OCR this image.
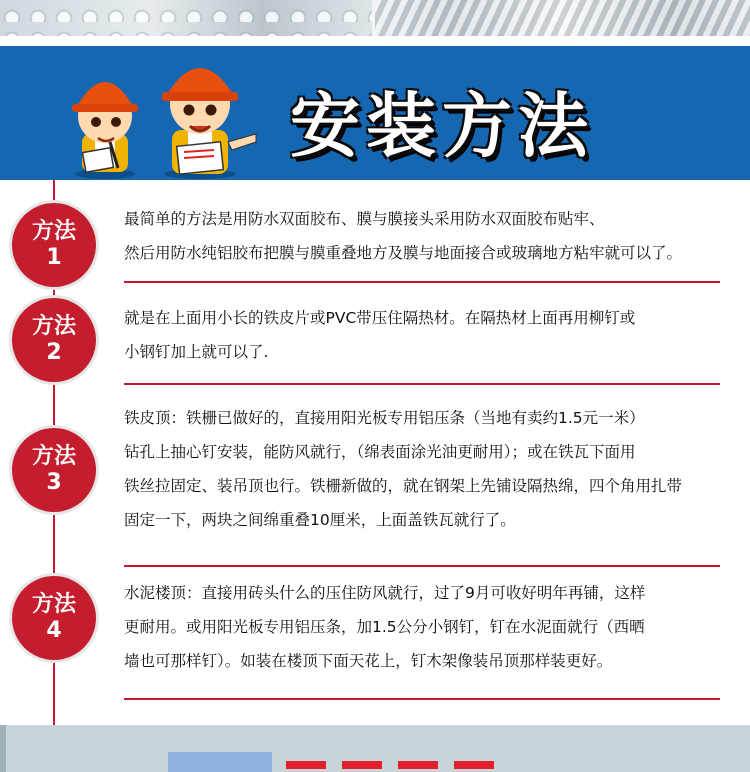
安装方法
方法
1

最简单的方法是用防水双面胶布、膜与膜接头采用防水双面胶布贴牢、

然后用防水纯铝胶布把膜与膜重叠地方及膜与地面接合或玻璃地方粘牢就可以了。

方法
2

就是在上面用小长的铁皮片或PVC带压住隔热材。在隔热材上面再用柳钉或

小钢钉加上就可以了.

方法
3

铁皮顶：铁栅已做好的，直接用阳光板专用铝压条（当地有卖约1.5元一米）

钻孔上抽心钉安装，能防风就行，（绵表面涂光油更耐用）；或在铁瓦下面用

铁丝拉固定、装吊顶也行。铁栅新做的，就在钢架上先铺设隔热绵，四个角用扎带

固定一下，两块之间绵重叠10厘米，上面盖铁瓦就行了。

方法
4

水泥楼顶：直接用砖头什么的压住防风就行，过了9月可收好明年再铺，这样

更耐用。或用阳光板专用铝压条，加1.5公分小钢钉，钉在水泥面就行（西晒

墙也可那样钉）。如装在楼顶下面天花上，钉木架像装吊顶那样装更好。
